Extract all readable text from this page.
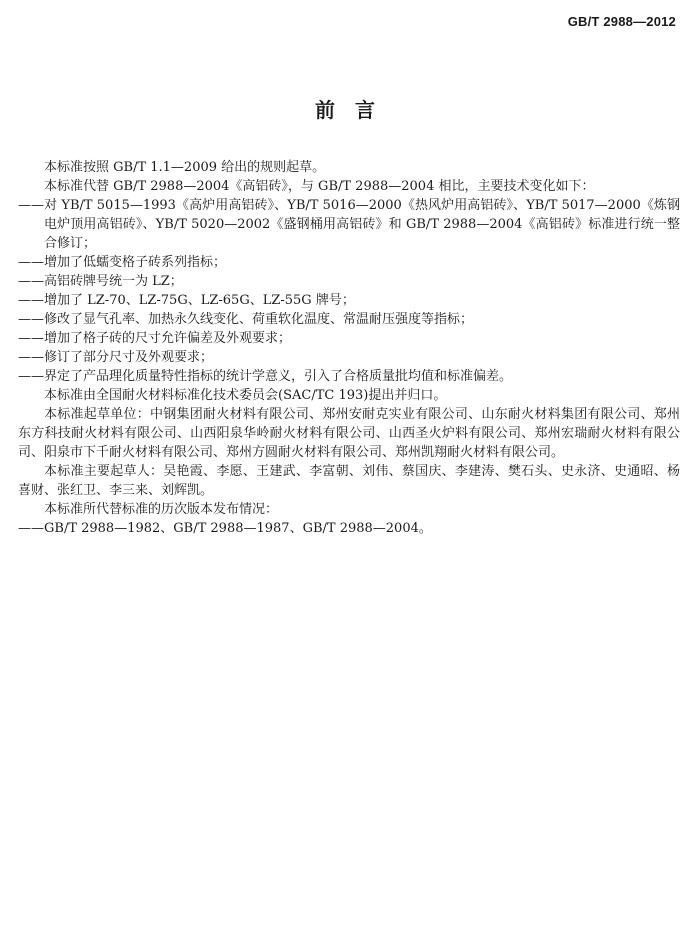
GB/T 2988—2012
前　言

本标准按照 GB/T 1.1—2009 给出的规则起草。

本标准代替 GB/T 2988—2004《高铝砖》，与 GB/T 2988—2004 相比，主要技术变化如下：

——对 YB/T 5015—1993《高炉用高铝砖》、YB/T 5016—2000《热风炉用高铝砖》、YB/T 5017—2000《炼钢电炉顶用高铝砖》、YB/T 5020—2002《盛钢桶用高铝砖》和 GB/T 2988—2004《高铝砖》标准进行统一整合修订；

——增加了低蠕变格子砖系列指标；

——高铝砖牌号统一为 LZ；

——增加了 LZ-70、LZ-75G、LZ-65G、LZ-55G 牌号；

——修改了显气孔率、加热永久线变化、荷重软化温度、常温耐压强度等指标；

——增加了格子砖的尺寸允许偏差及外观要求；

——修订了部分尺寸及外观要求；

——界定了产品理化质量特性指标的统计学意义，引入了合格质量批均值和标准偏差。

本标准由全国耐火材料标准化技术委员会(SAC/TC 193)提出并归口。

本标准起草单位：中钢集团耐火材料有限公司、郑州安耐克实业有限公司、山东耐火材料集团有限公司、郑州东方科技耐火材料有限公司、山西阳泉华岭耐火材料有限公司、山西圣火炉料有限公司、郑州宏瑞耐火材料有限公司、阳泉市下千耐火材料有限公司、郑州方圆耐火材料有限公司、郑州凯翔耐火材料有限公司。

本标准主要起草人：吴艳霞、李愿、王建武、李富朝、刘伟、蔡国庆、李建涛、樊石头、史永济、史通昭、杨喜财、张红卫、李三来、刘辉凯。

本标准所代替标准的历次版本发布情况：

——GB/T 2988—1982、GB/T 2988—1987、GB/T 2988—2004。
